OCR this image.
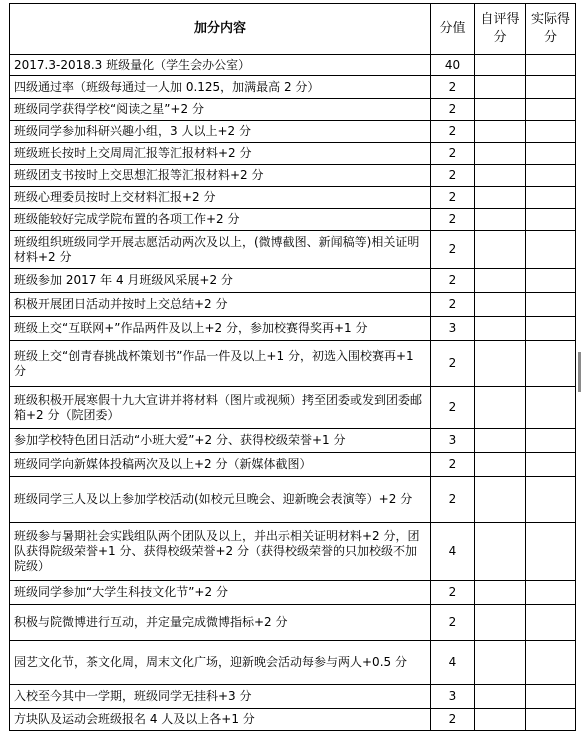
加分内容	分值	自评得分	实际得分
2017.3-2018.3 班级量化（学生会办公室）	40		
四级通过率（班级每通过一人加 0.125，加满最高 2 分）	2		
班级同学获得学校“阅读之星”+2 分	2		
班级同学参加科研兴趣小组，3 人以上+2 分	2		
班级班长按时上交周周汇报等汇报材料+2 分	2		
班级团支书按时上交思想汇报等汇报材料+2 分	2		
班级心理委员按时上交材料汇报+2 分	2		
班级能较好完成学院布置的各项工作+2 分	2		
班级组织班级同学开展志愿活动两次及以上，(微博截图、新闻稿等)相关证明材料+2 分	2		
班级参加 2017 年 4 月班级风采展+2 分	2		
积极开展团日活动并按时上交总结+2 分	2		
班级上交“互联网+”作品两件及以上+2 分，参加校赛得奖再+1 分	3		
班级上交“创青春挑战杯策划书”作品一件及以上+1 分，初选入围校赛再+1 分	2		
班级积极开展寒假十九大宣讲并将材料（图片或视频）拷至团委或发到团委邮箱+2 分（院团委）	2		
参加学校特色团日活动“小班大爱”+2 分、获得校级荣誉+1 分	3		
班级同学向新媒体投稿两次及以上+2 分（新媒体截图）	2		
班级同学三人及以上参加学校活动(如校元旦晚会、迎新晚会表演等）+2 分	2		
班级参与暑期社会实践组队两个团队及以上，并出示相关证明材料+2 分，团队获得院级荣誉+1 分、获得校级荣誉+2 分（获得校级荣誉的只加校级不加院级）	4		
班级同学参加“大学生科技文化节”+2 分	2		
积极与院微博进行互动，并定量完成微博指标+2 分	2		
园艺文化节，茶文化周，周末文化广场，迎新晚会活动每参与两人+0.5 分	4		
入校至今其中一学期，班级同学无挂科+3 分	3		
方块队及运动会班级报名 4 人及以上各+1 分	2		
